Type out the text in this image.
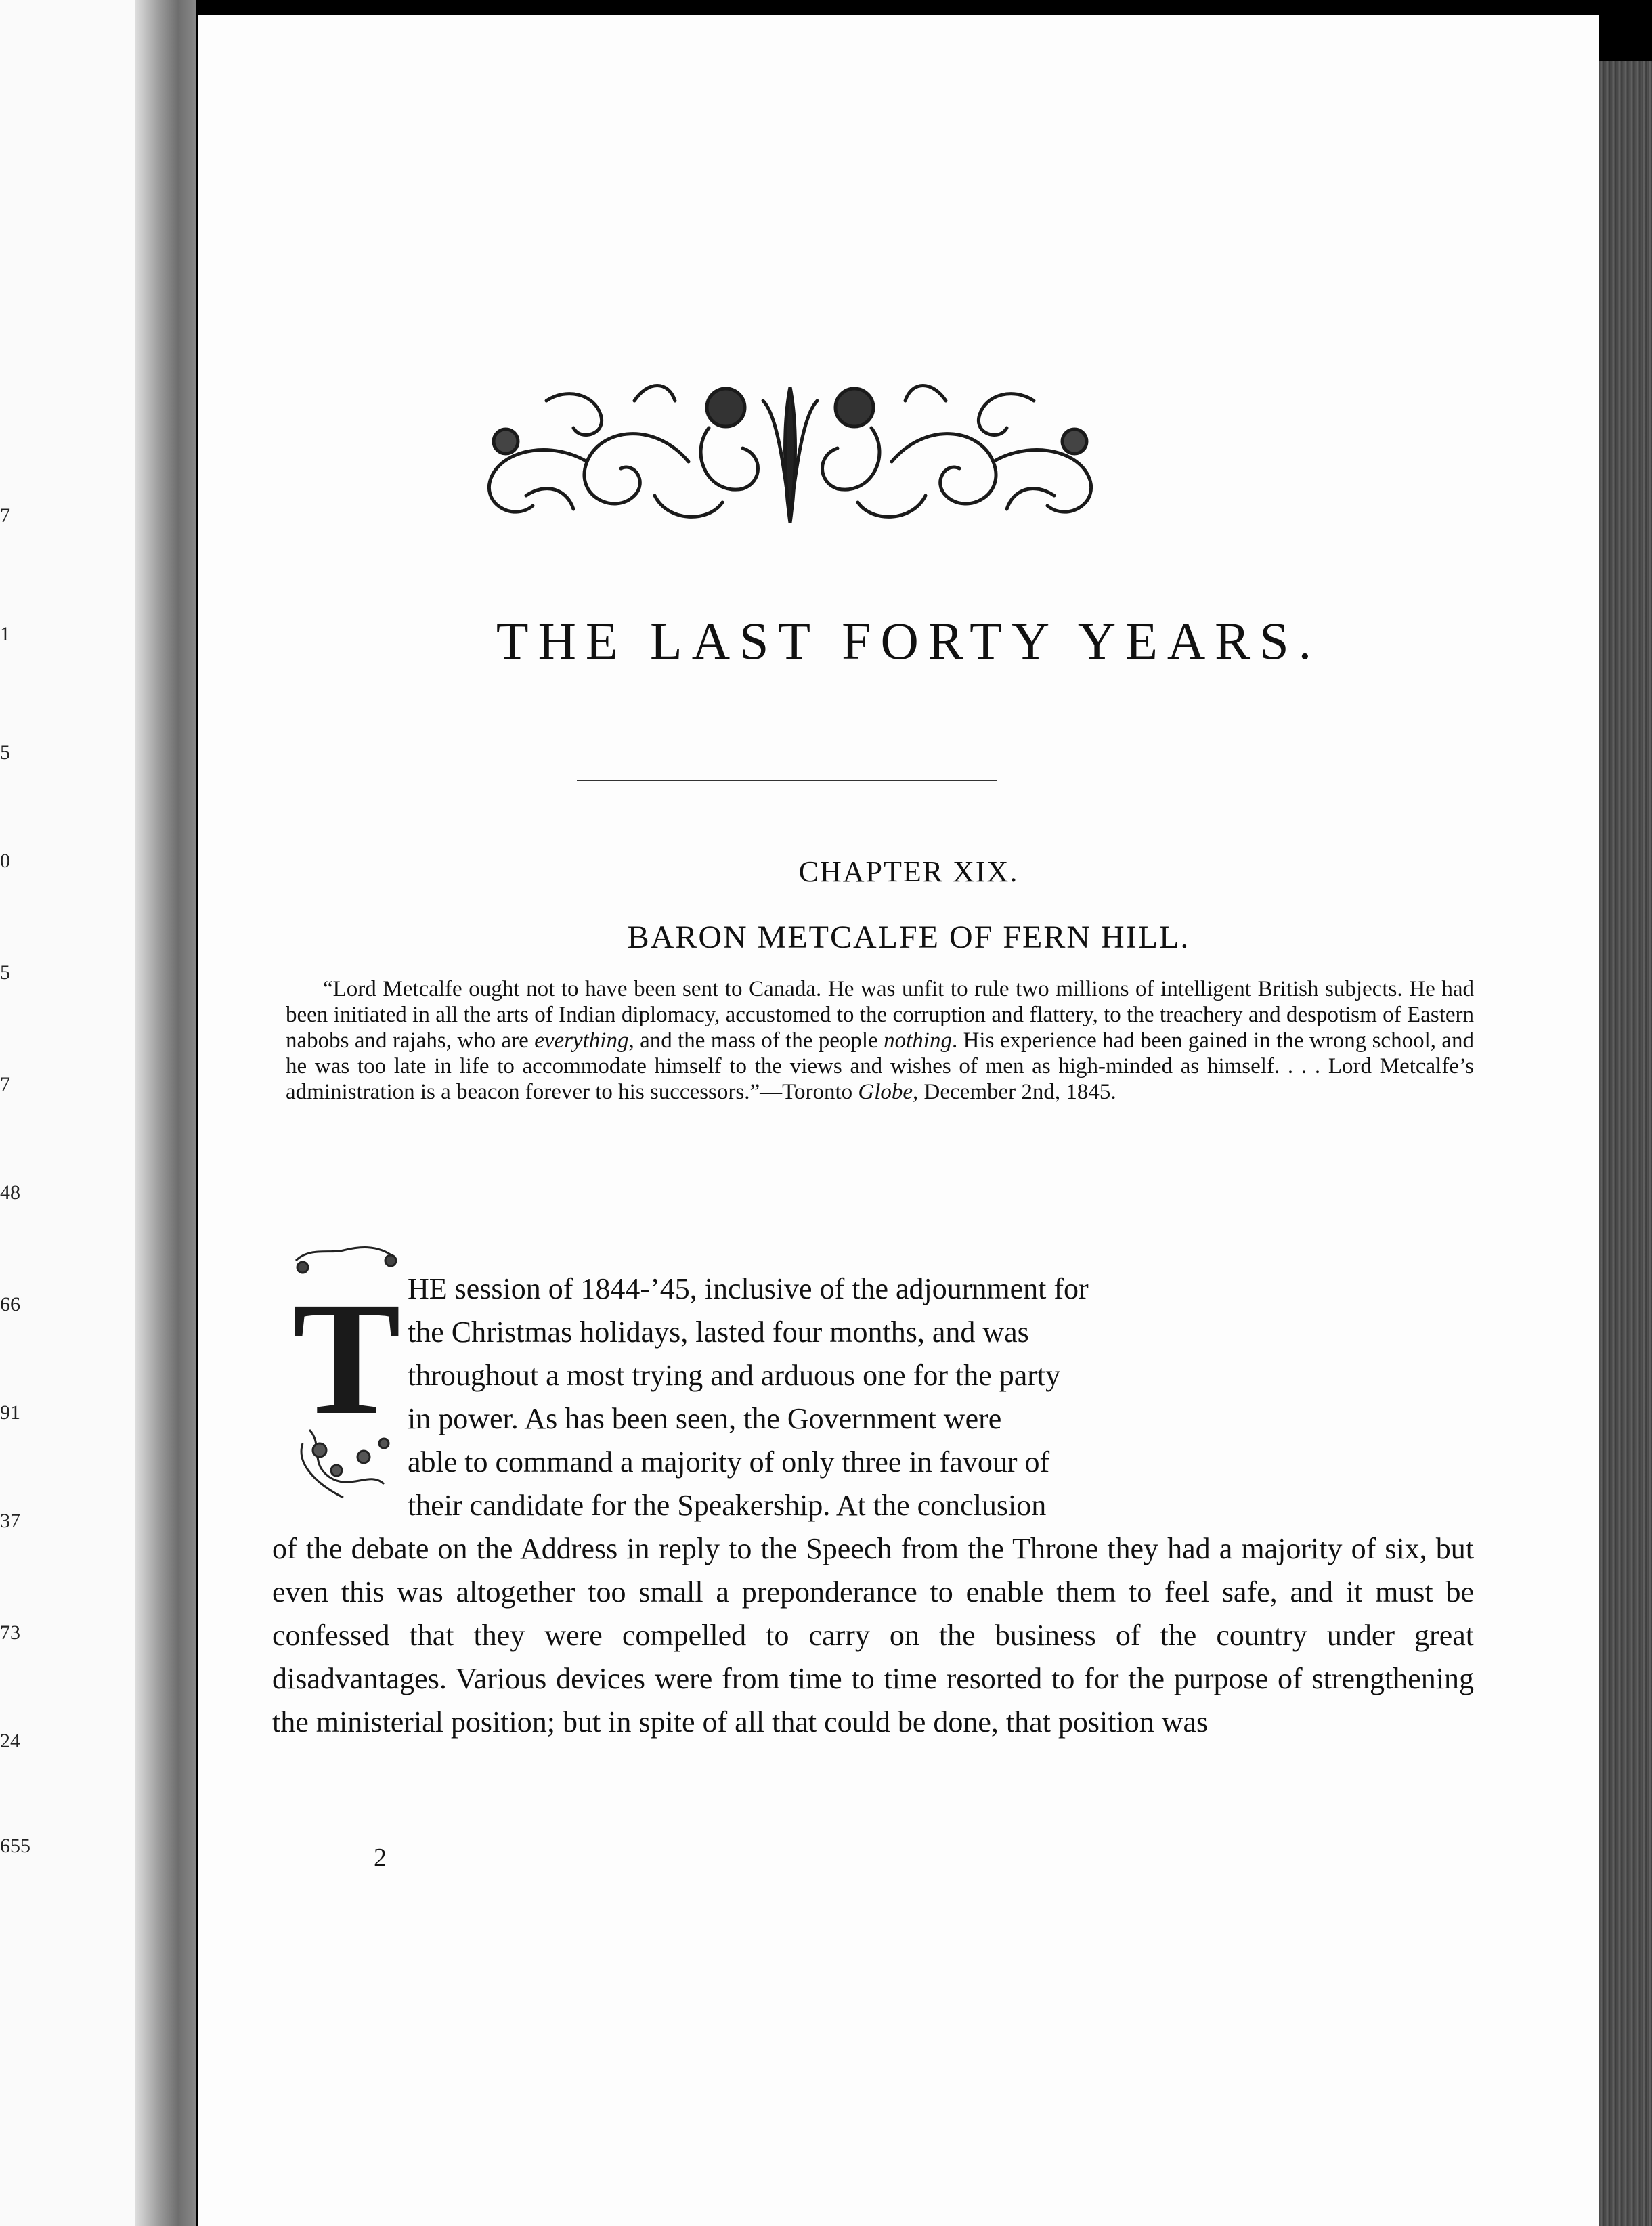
7
1
5
0
5
7
48
66
91
37
73
24
655
THE LAST FORTY YEARS.
CHAPTER XIX.
BARON METCALFE OF FERN HILL.

“Lord Metcalfe ought not to have been sent to Canada. He was unfit to rule two millions of intelligent British subjects. He had been initiated in all the arts of Indian diplomacy, accustomed to the corruption and flattery, to the treachery and despotism of Eastern nabobs and rajahs, who are everything, and the mass of the people nothing. His experience had been gained in the wrong school, and he was too late in life to accommodate himself to the views and wishes of men as high-minded as himself. . . . Lord Metcalfe’s administration is a beacon forever to his successors.”—Toronto Globe, December 2nd, 1845.

T HE session of 1844-’45, inclusive of the adjournment for
the Christmas holidays, lasted four months, and was
throughout a most trying and arduous one for the party
in power. As has been seen, the Government were
able to command a majority of only three in favour of
their candidate for the Speakership. At the conclusion
of the debate on the Address in reply to the Speech from the Throne they had a majority of six, but even this was altogether too small a preponderance to enable them to feel safe, and it must be confessed that they were compelled to carry on the business of the country under great disadvantages. Various devices were from time to time resorted to for the purpose of strengthening the ministerial position; but in spite of all that could be done, that position was
2
